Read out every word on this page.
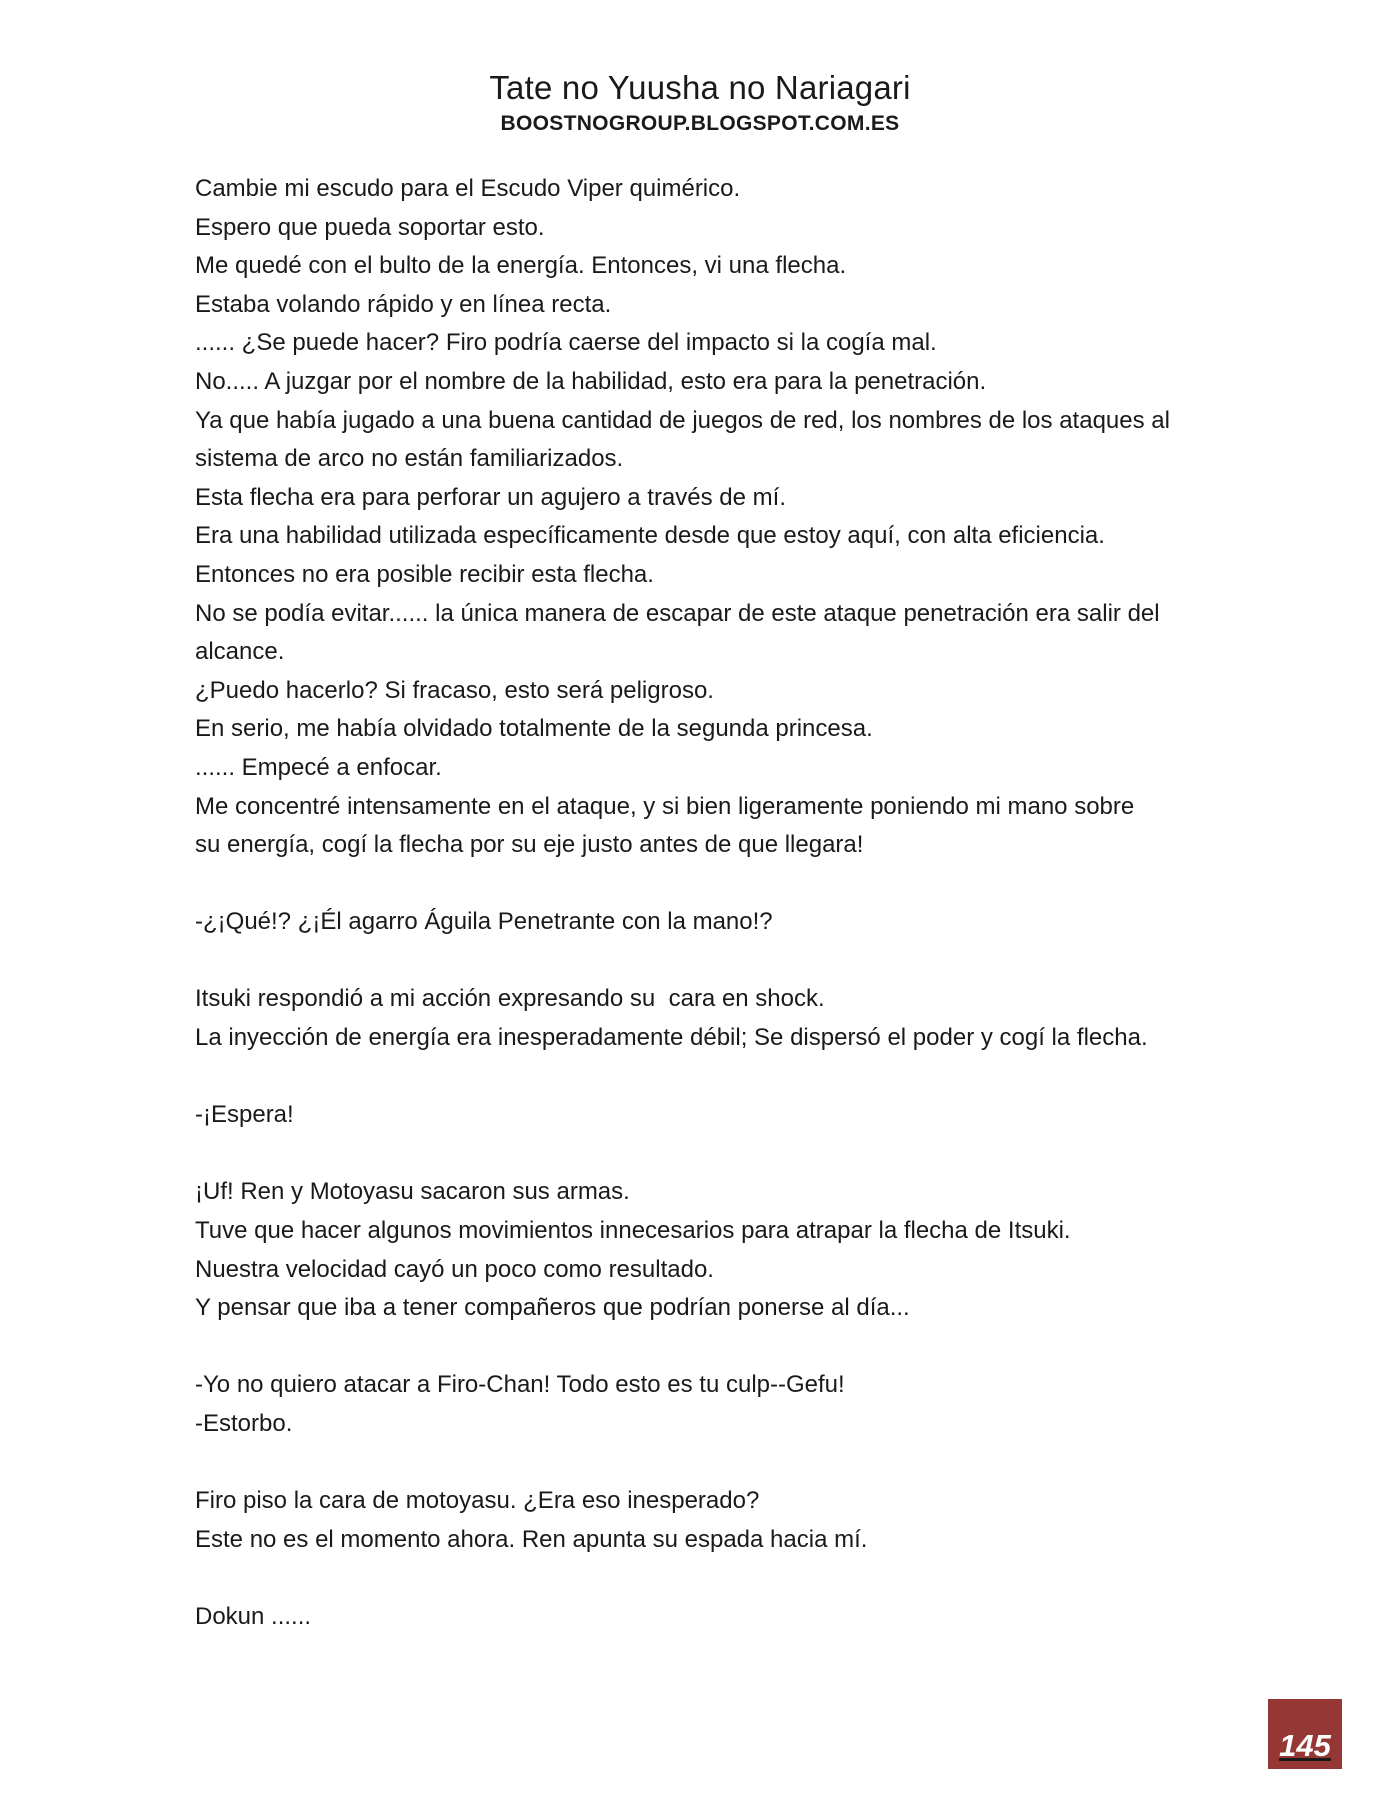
Tate no Yuusha no Nariagari
BOOSTNOGROUP.BLOGSPOT.COM.ES
Cambie mi escudo para el Escudo Viper quimérico.
Espero que pueda soportar esto.
Me quedé con el bulto de la energía. Entonces, vi una flecha.
Estaba volando rápido y en línea recta.
...... ¿Se puede hacer? Firo podría caerse del impacto si la cogía mal.
No..... A juzgar por el nombre de la habilidad, esto era para la penetración.
Ya que había jugado a una buena cantidad de juegos de red, los nombres de los ataques al
sistema de arco no están familiarizados.
Esta flecha era para perforar un agujero a través de mí.
Era una habilidad utilizada específicamente desde que estoy aquí, con alta eficiencia.
Entonces no era posible recibir esta flecha.
No se podía evitar...... la única manera de escapar de este ataque penetración era salir del
alcance.
¿Puedo hacerlo? Si fracaso, esto será peligroso.
En serio, me había olvidado totalmente de la segunda princesa.
...... Empecé a enfocar.
Me concentré intensamente en el ataque, y si bien ligeramente poniendo mi mano sobre
su energía, cogí la flecha por su eje justo antes de que llegara!
-¿¡Qué!? ¿¡Él agarro Águila Penetrante con la mano!?
Itsuki respondió a mi acción expresando su  cara en shock.
La inyección de energía era inesperadamente débil; Se dispersó el poder y cogí la flecha.
-¡Espera!
¡Uf! Ren y Motoyasu sacaron sus armas.
Tuve que hacer algunos movimientos innecesarios para atrapar la flecha de Itsuki.
Nuestra velocidad cayó un poco como resultado.
Y pensar que iba a tener compañeros que podrían ponerse al día...
-Yo no quiero atacar a Firo-Chan! Todo esto es tu culp--Gefu!
-Estorbo.
Firo piso la cara de motoyasu. ¿Era eso inesperado?
Este no es el momento ahora. Ren apunta su espada hacia mí.
Dokun ......
145
